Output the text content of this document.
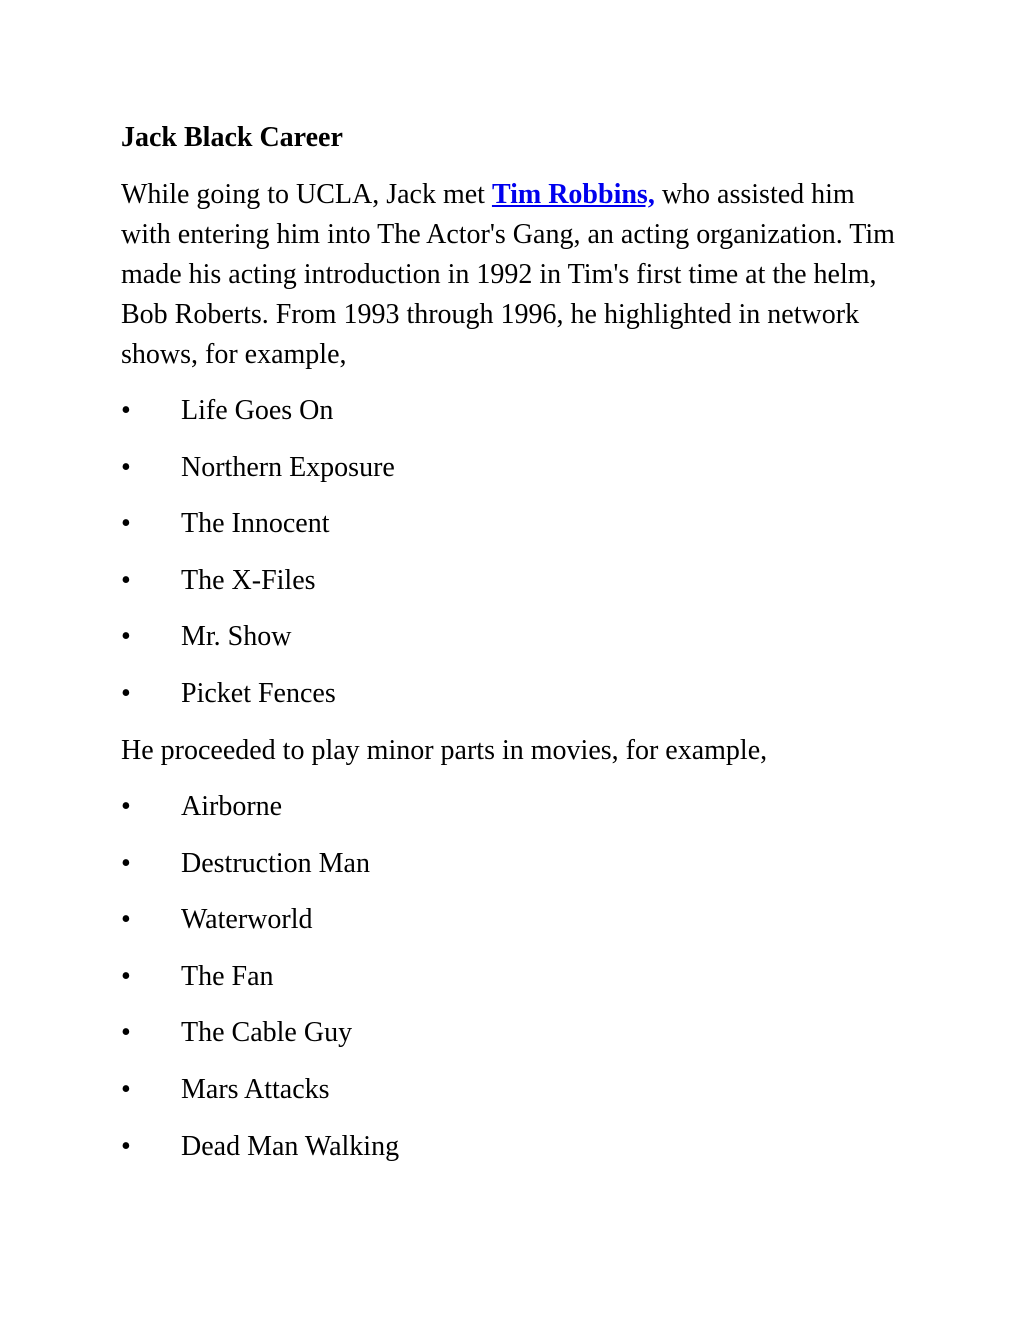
Jack Black Career

While going to UCLA, Jack met Tim Robbins, who assisted him with entering him into The Actor's Gang, an acting organization. Tim made his acting introduction in 1992 in Tim's first time at the helm, Bob Roberts. From 1993 through 1996, he highlighted in network shows, for example,

•	Life Goes On
•	Northern Exposure
•	The Innocent
•	The X-Files
•	Mr. Show
•	Picket Fences

He proceeded to play minor parts in movies, for example,

•	Airborne
•	Destruction Man
•	Waterworld
•	The Fan
•	The Cable Guy
•	Mars Attacks
•	Dead Man Walking
